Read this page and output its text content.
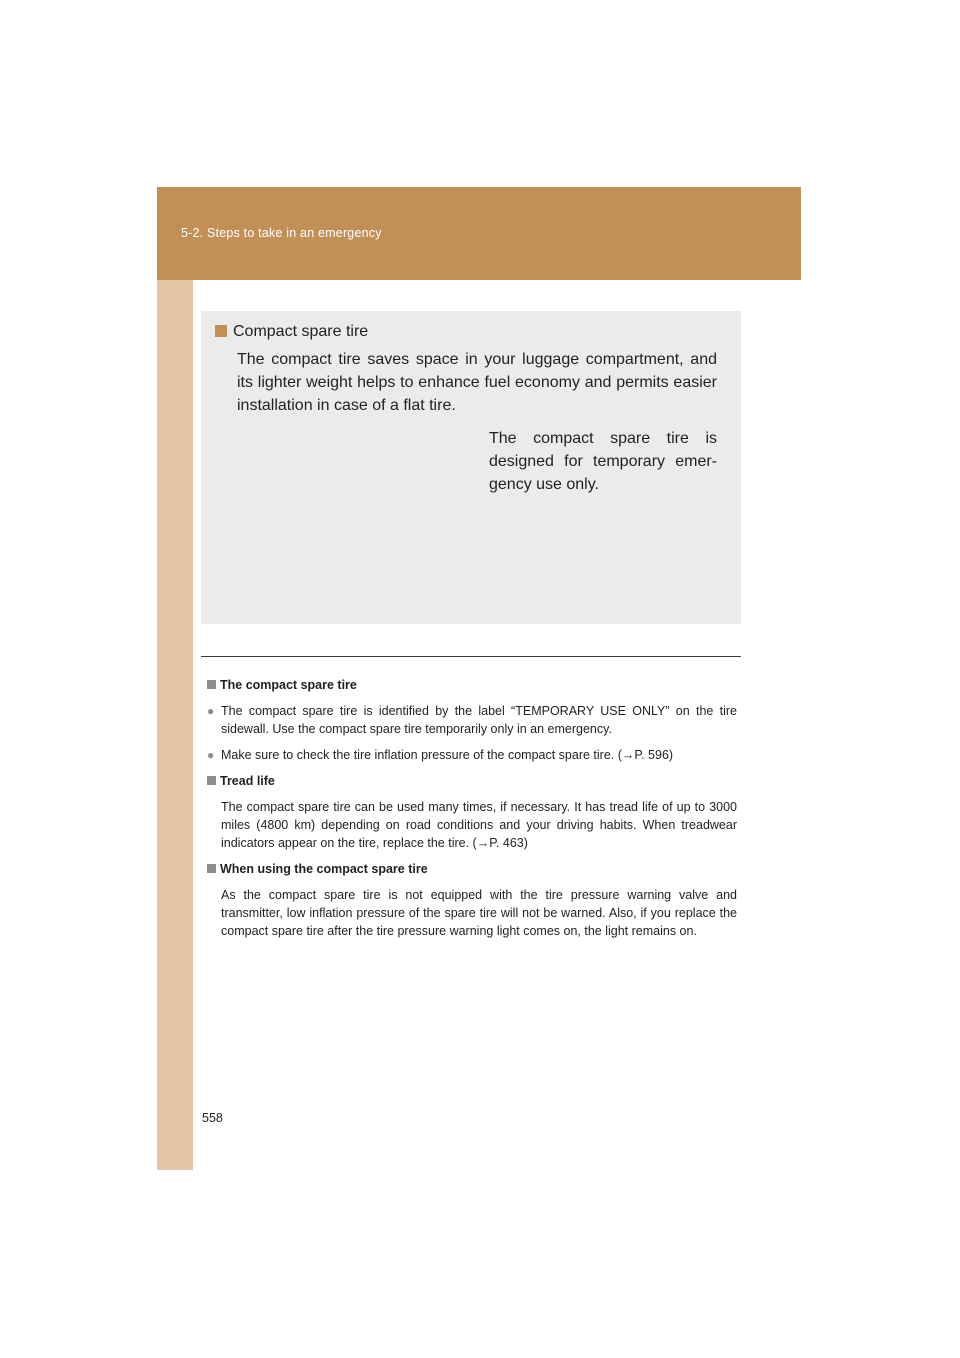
5-2. Steps to take in an emergency
Compact spare tire

The compact tire saves space in your luggage compartment, and its lighter weight helps to enhance fuel economy and permits easier installation in case of a flat tire.

The compact spare tire is designed for temporary emer- gency use only.

The compact spare tire

● The compact spare tire is identified by the label “TEMPORARY USE ONLY” on the tire sidewall. Use the compact spare tire temporarily only in an emergency.

● Make sure to check the tire inflation pressure of the compact spare tire. (→P. 596)

Tread life

The compact spare tire can be used many times, if necessary. It has tread life of up to 3000 miles (4800 km) depending on road conditions and your driving habits. When treadwear indicators appear on the tire, replace the tire. (→P. 463)

When using the compact spare tire

As the compact spare tire is not equipped with the tire pressure warning valve and transmitter, low inflation pressure of the spare tire will not be warned. Also, if you replace the compact spare tire after the tire pressure warning light comes on, the light remains on.

558
